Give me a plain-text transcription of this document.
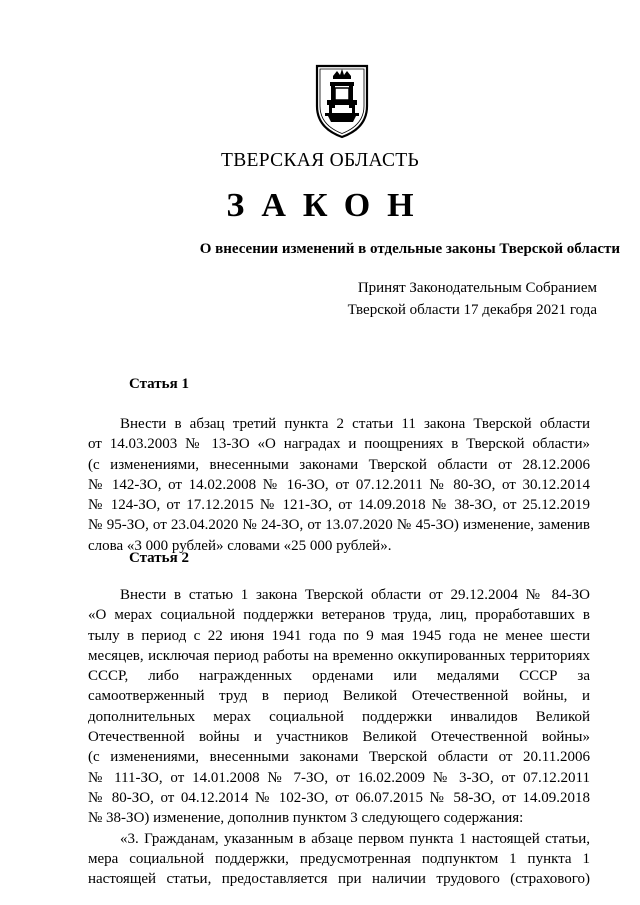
ТВЕРСКАЯ ОБЛАСТЬ
ЗАКОН
О внесении изменений в отдельные законы Тверской области
Принят Законодательным Собранием
Тверской области 17 декабря 2021 года
Статья 1
Внести в абзац третий пункта 2 статьи 11 закона Тверской области
от 14.03.2003 № 13-ЗО «О наградах и поощрениях в Тверской области»
(с изменениями, внесенными законами Тверской области от 28.12.2006
№ 142-ЗО, от 14.02.2008 № 16-ЗО, от 07.12.2011 № 80-ЗО, от 30.12.2014
№ 124-ЗО, от 17.12.2015 № 121-ЗО, от 14.09.2018 № 38-ЗО, от 25.12.2019
№ 95-ЗО, от 23.04.2020 № 24-ЗО, от 13.07.2020 № 45-ЗО) изменение, заменив
слова «3 000 рублей» словами «25 000 рублей».
Статья 2
Внести в статью 1 закона Тверской области от 29.12.2004 № 84-ЗО
«О мерах социальной поддержки ветеранов труда, лиц, проработавших в
тылу в период с 22 июня 1941 года по 9 мая 1945 года не менее шести
месяцев, исключая период работы на временно оккупированных территориях
СССР, либо награжденных орденами или медалями СССР за
самоотверженный труд в период Великой Отечественной войны, и
дополнительных мерах социальной поддержки инвалидов Великой
Отечественной войны и участников Великой Отечественной войны»
(с изменениями, внесенными законами Тверской области от 20.11.2006
№ 111-ЗО, от 14.01.2008 № 7-ЗО, от 16.02.2009 № 3-ЗО, от 07.12.2011
№ 80-ЗО, от 04.12.2014 № 102-ЗО, от 06.07.2015 № 58-ЗО, от 14.09.2018
№ 38-ЗО) изменение, дополнив пунктом 3 следующего содержания:
«3. Гражданам, указанным в абзаце первом пункта 1 настоящей статьи,
мера социальной поддержки, предусмотренная подпунктом 1 пункта 1
настоящей статьи, предоставляется при наличии трудового (страхового)
